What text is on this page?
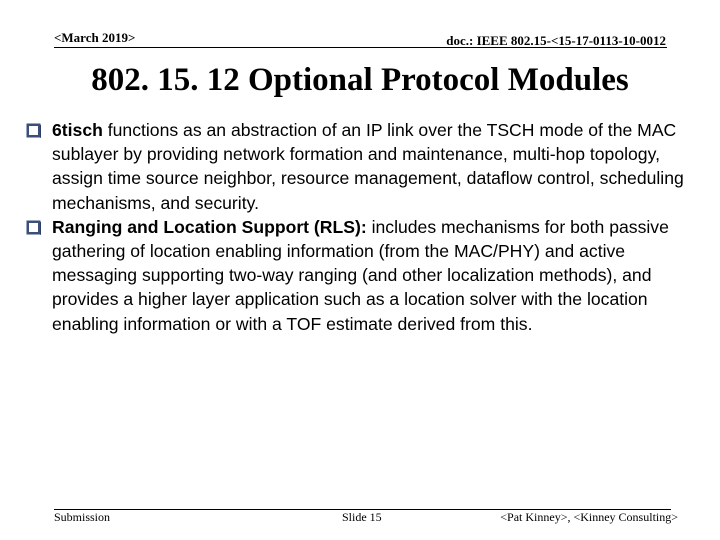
<March 2019>	doc.: IEEE 802.15-<15-17-0113-10-0012
802. 15. 12 Optional Protocol Modules
6tisch functions as an abstraction of an IP link over the TSCH mode of the MAC sublayer by providing network formation and maintenance, multi-hop topology, assign time source neighbor, resource management, dataflow control, scheduling mechanisms, and security.
Ranging and Location Support (RLS): includes mechanisms for both passive gathering of location enabling information (from the MAC/PHY) and active messaging supporting two-way ranging (and other localization methods), and provides a higher layer application such as a location solver with the location enabling information or with a TOF estimate derived from this.
Submission	Slide 15	<Pat Kinney>, <Kinney Consulting>
